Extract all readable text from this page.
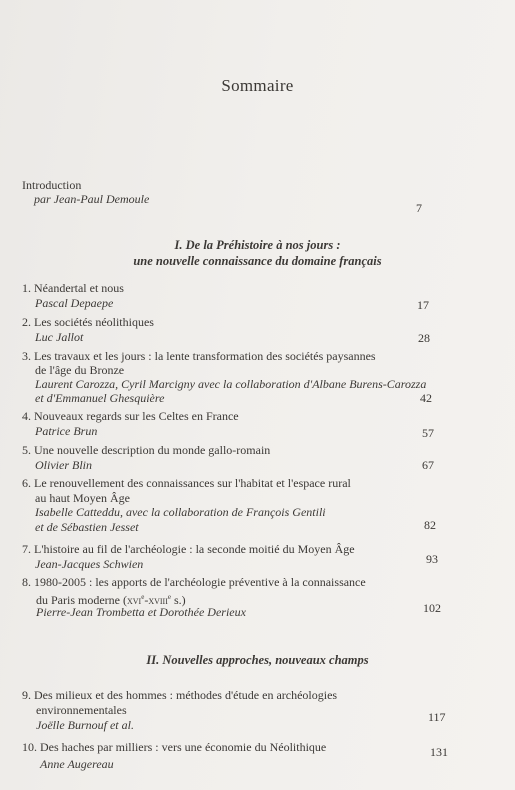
Sommaire
Introduction
par Jean-Paul Demoule
7
I. De la Préhistoire à nos jours :
une nouvelle connaissance du domaine français
1. Néandertal et nous
Pascal Depaepe	17
2. Les sociétés néolithiques
Luc Jallot	28
3. Les travaux et les jours : la lente transformation des sociétés paysannes
de l'âge du Bronze
Laurent Carozza, Cyril Marcigny avec la collaboration d'Albane Burens-Carozza
et d'Emmanuel Ghesquière	42
4. Nouveaux regards sur les Celtes en France
Patrice Brun	57
5. Une nouvelle description du monde gallo-romain
Olivier Blin	67
6. Le renouvellement des connaissances sur l'habitat et l'espace rural
au haut Moyen Âge
Isabelle Catteddu, avec la collaboration de François Gentili
et de Sébastien Jesset	82
7. L'histoire au fil de l'archéologie : la seconde moitié du Moyen Âge
Jean-Jacques Schwien	93
8. 1980-2005 : les apports de l'archéologie préventive à la connaissance
du Paris moderne (xvi$^e$-xviii$^e$ s.)
Pierre-Jean Trombetta et Dorothée Derieux	102
II. Nouvelles approches, nouveaux champs
9. Des milieux et des hommes : méthodes d'étude en archéologies
environnementales
Joëlle Burnouf et al.
117
10. Des haches par milliers : vers une économie du Néolithique
Anne Augereau
131
